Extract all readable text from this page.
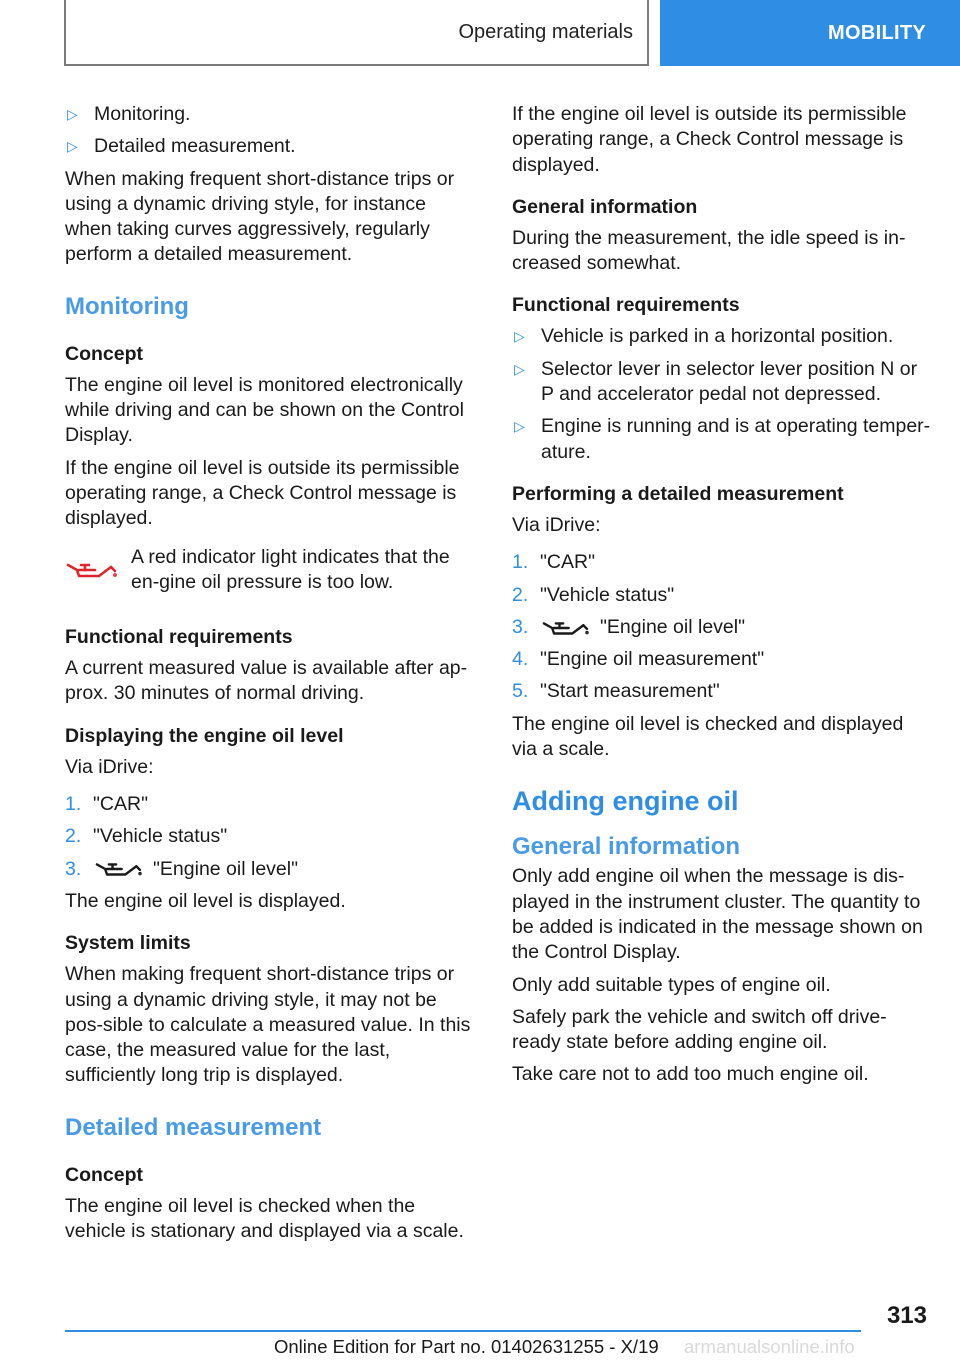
Operating materials	MOBILITY
▷ Monitoring.
▷ Detailed measurement.

When making frequent short-distance trips or using a dynamic driving style, for instance when taking curves aggressively, regularly perform a detailed measurement.

Monitoring
Concept

The engine oil level is monitored electronically while driving and can be shown on the Control Display.

If the engine oil level is outside its permissible operating range, a Check Control message is displayed.

A red indicator light indicates that the en-gine oil pressure is too low.
Functional requirements

A current measured value is available after ap-prox. 30 minutes of normal driving.

Displaying the engine oil level

Via iDrive:

1. "CAR"
2. "Vehicle status"
3.	"Engine oil level"

The engine oil level is displayed.

System limits

When making frequent short-distance trips or using a dynamic driving style, it may not be pos-sible to calculate a measured value. In this case, the measured value for the last, sufficiently long trip is displayed.

Detailed measurement
Concept

The engine oil level is checked when the vehicle is stationary and displayed via a scale.

If the engine oil level is outside its permissible operating range, a Check Control message is displayed.

General information

During the measurement, the idle speed is in-creased somewhat.

Functional requirements
▷ Vehicle is parked in a horizontal position.
▷ Selector lever in selector lever position N or P and accelerator pedal not depressed.
▷ Engine is running and is at operating temper-ature.
Performing a detailed measurement

Via iDrive:

1. "CAR"
2. "Vehicle status"
3.	"Engine oil level"
4. "Engine oil measurement"
5. "Start measurement"

The engine oil level is checked and displayed via a scale.

Adding engine oil
General information

Only add engine oil when the message is dis-played in the instrument cluster. The quantity to be added is indicated in the message shown on the Control Display.

Only add suitable types of engine oil.

Safely park the vehicle and switch off drive-ready state before adding engine oil.

Take care not to add too much engine oil.

313
Online Edition for Part no. 01402631255 - X/19 armanualsonline.info
